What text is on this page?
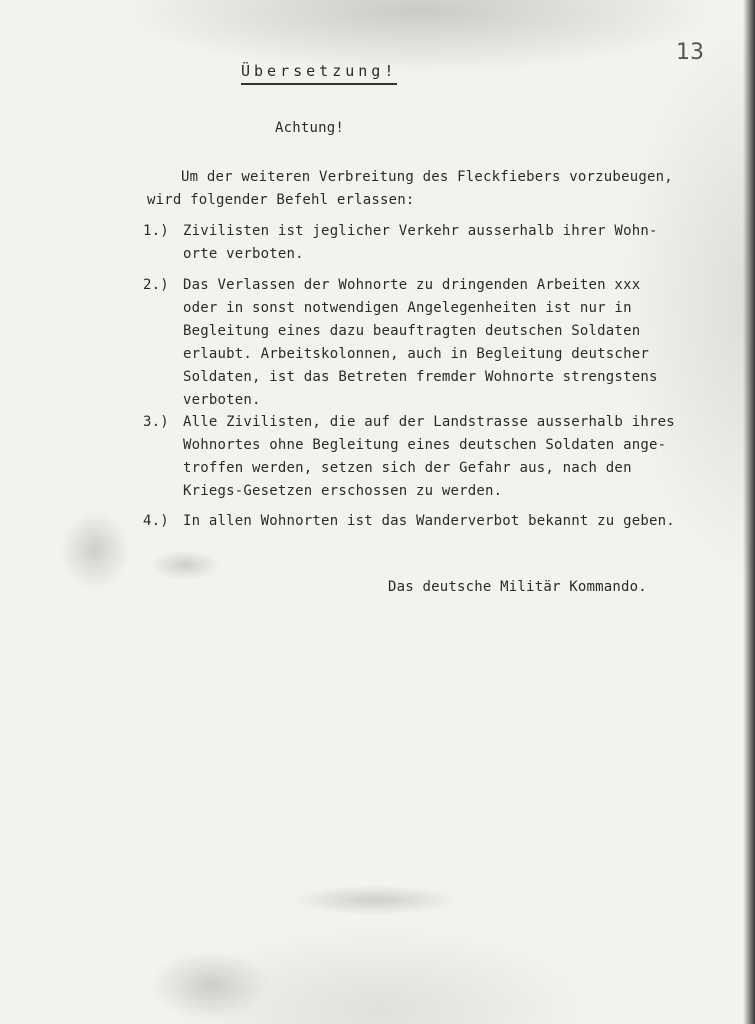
13
Übersetzung!
Achtung!
Um der weiteren Verbreitung des Fleckfiebers vorzubeugen,
wird folgender Befehl erlassen:
1.) Zivilisten ist jeglicher Verkehr ausserhalb ihrer Wohn-
orte verboten.
2.) Das Verlassen der Wohnorte zu dringenden Arbeiten xxx
oder in sonst notwendigen Angelegenheiten ist nur in
Begleitung eines dazu beauftragten deutschen Soldaten
erlaubt. Arbeitskolonnen, auch in Begleitung deutscher
Soldaten, ist das Betreten fremder Wohnorte strengstens
verboten.
3.) Alle Zivilisten, die auf der Landstrasse ausserhalb ihres
Wohnortes ohne Begleitung eines deutschen Soldaten ange-
troffen werden, setzen sich der Gefahr aus, nach den
Kriegs-Gesetzen erschossen zu werden.
4.) In allen Wohnorten ist das Wanderverbot bekannt zu geben.
Das deutsche Militär Kommando.
